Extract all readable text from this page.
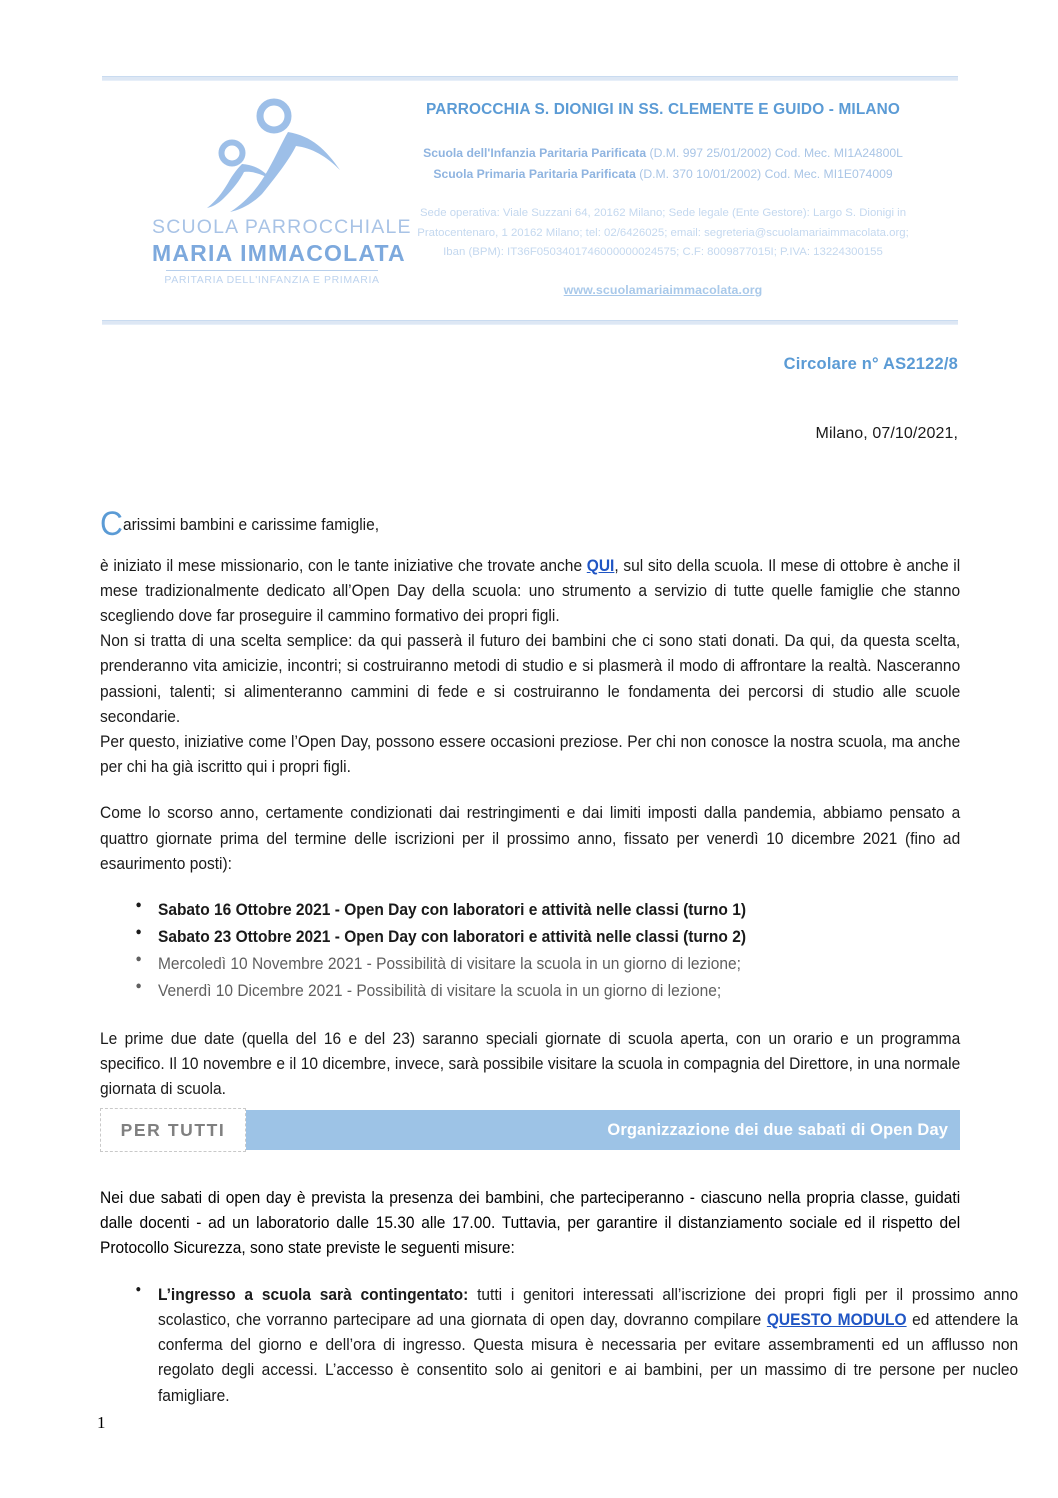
SCUOLA PARROCCHIALE
MARIA IMMACOLATA
PARITARIA DELL'INFANZIA E PRIMARIA
PARROCCHIA S. DIONIGI IN SS. CLEMENTE E GUIDO - MILANO
Scuola dell'Infanzia Paritaria Parificata (D.M. 997 25/01/2002) Cod. Mec. MI1A24800L
Scuola Primaria Paritaria Parificata (D.M. 370 10/01/2002) Cod. Mec. MI1E074009
Sede operativa: Viale Suzzani 64, 20162 Milano; Sede legale (Ente Gestore): Largo S. Dionigi in
Pratocentenaro, 1 20162 Milano; tel: 02/6426025; email: segreteria@scuolamariaimmacolata.org;
Iban (BPM): IT36F0503401746000000024575; C.F: 8009877015I; P.IVA: 13224300155
www.scuolamariaimmacolata.org
Circolare n° AS2122/8
Milano, 07/10/2021,

Carissimi bambini e carissime famiglie,

è iniziato il mese missionario, con le tante iniziative che trovate anche QUI, sul sito della scuola. Il mese di ottobre è anche il mese tradizionalmente dedicato all’Open Day della scuola: uno strumento a servizio di tutte quelle famiglie che stanno scegliendo dove far proseguire il cammino formativo dei propri figli.

Non si tratta di una scelta semplice: da qui passerà il futuro dei bambini che ci sono stati donati. Da qui, da questa scelta, prenderanno vita amicizie, incontri; si costruiranno metodi di studio e si plasmerà il modo di affrontare la realtà. Nasceranno passioni, talenti; si alimenteranno cammini di fede e si costruiranno le fondamenta dei percorsi di studio alle scuole secondarie.

Per questo, iniziative come l’Open Day, possono essere occasioni preziose. Per chi non conosce la nostra scuola, ma anche per chi ha già iscritto qui i propri figli.

Come lo scorso anno, certamente condizionati dai restringimenti e dai limiti imposti dalla pandemia, abbiamo pensato a quattro giornate prima del termine delle iscrizioni per il prossimo anno, fissato per venerdì 10 dicembre 2021 (fino ad esaurimento posti):

● Sabato 16 Ottobre 2021 - Open Day con laboratori e attività nelle classi (turno 1)
● Sabato 23 Ottobre 2021 - Open Day con laboratori e attività nelle classi (turno 2)
● Mercoledì 10 Novembre 2021 - Possibilità di visitare la scuola in un giorno di lezione;
● Venerdì 10 Dicembre 2021 - Possibilità di visitare la scuola in un giorno di lezione;

Le prime due date (quella del 16 e del 23) saranno speciali giornate di scuola aperta, con un orario e un programma specifico. Il 10 novembre e il 10 dicembre, invece, sarà possibile visitare la scuola in compagnia del Direttore, in una normale giornata di scuola.

PER TUTTI	Organizzazione dei due sabati di Open Day

Nei due sabati di open day è prevista la presenza dei bambini, che parteciperanno - ciascuno nella propria classe, guidati dalle docenti - ad un laboratorio dalle 15.30 alle 17.00. Tuttavia, per garantire il distanziamento sociale ed il rispetto del Protocollo Sicurezza, sono state previste le seguenti misure:

● L’ingresso a scuola sarà contingentato: tutti i genitori interessati all’iscrizione dei propri figli per il prossimo anno scolastico, che vorranno partecipare ad una giornata di open day, dovranno compilare QUESTO MODULO ed attendere la conferma del giorno e dell’ora di ingresso. Questa misura è necessaria per evitare assembramenti ed un afflusso non regolato degli accessi. L’accesso è consentito solo ai genitori e ai bambini, per un massimo di tre persone per nucleo famigliare.
1
